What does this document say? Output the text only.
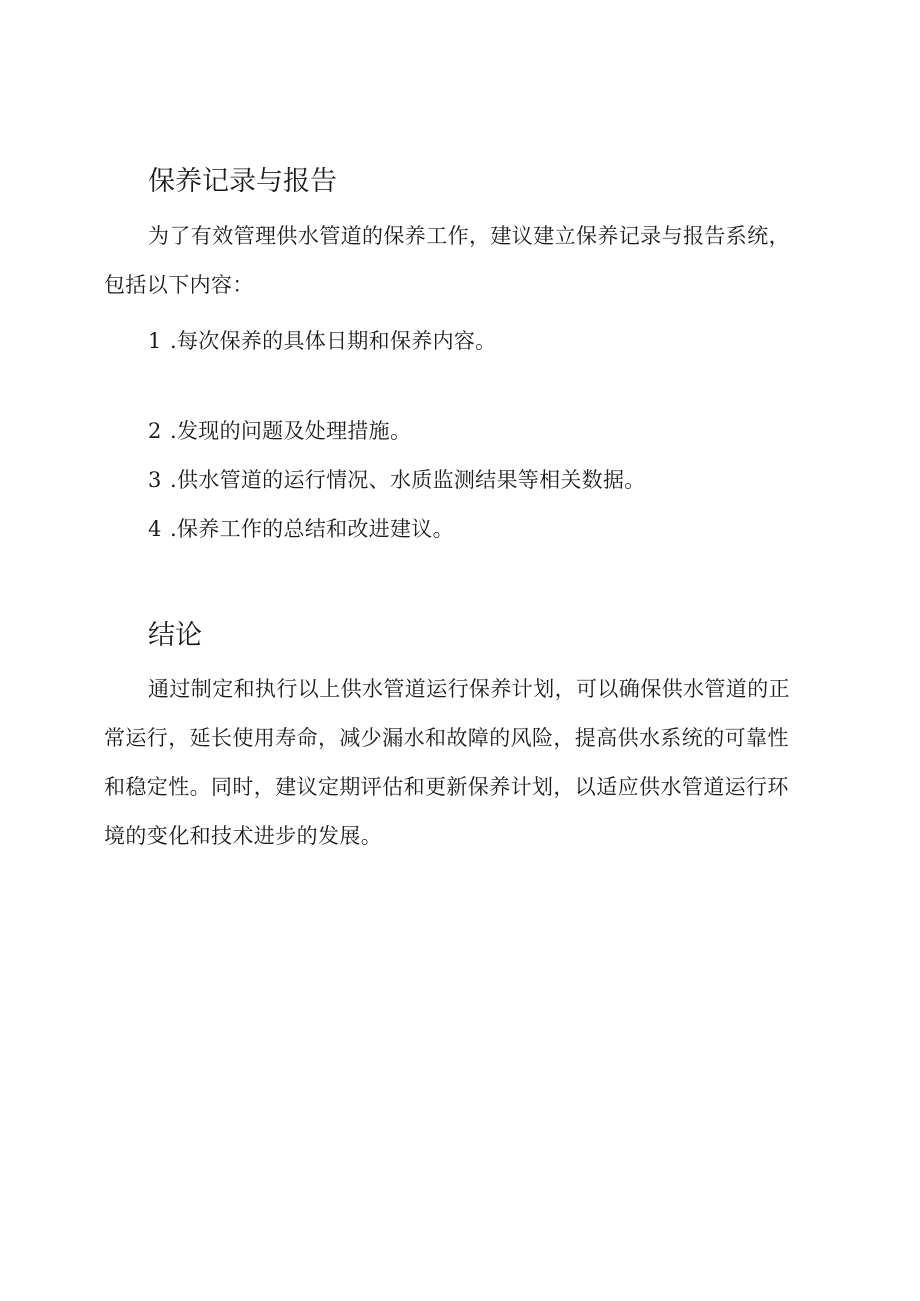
保养记录与报告

为了有效管理供水管道的保养工作，建议建立保养记录与报告系统，包括以下内容：

1 .每次保养的具体日期和保养内容。

2 .发现的问题及处理措施。

3 .供水管道的运行情况、水质监测结果等相关数据。

4 .保养工作的总结和改进建议。

结论

通过制定和执行以上供水管道运行保养计划，可以确保供水管道的正常运行，延长使用寿命，减少漏水和故障的风险，提高供水系统的可靠性和稳定性。同时，建议定期评估和更新保养计划，以适应供水管道运行环境的变化和技术进步的发展。
